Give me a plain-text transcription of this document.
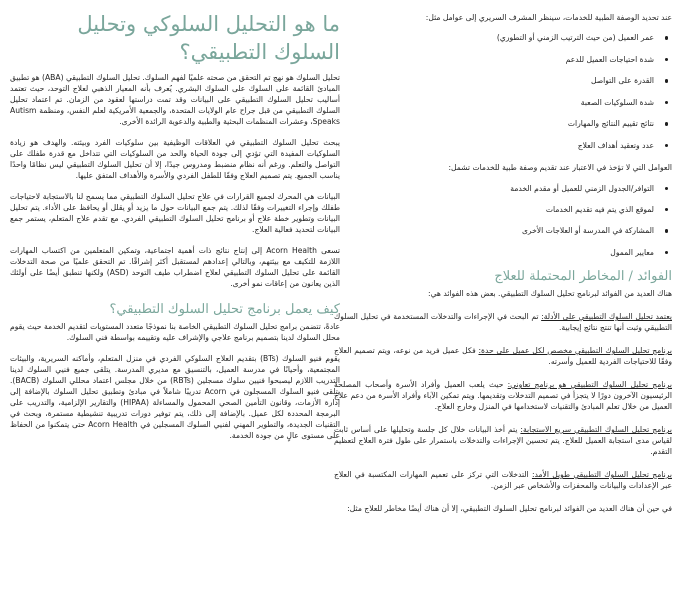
عند تحديد الوصفة الطبية للخدمات، سينظر المشرف السريري إلى عوامل مثل:

عمر العميل (من حيث الترتيب الزمني أو التطوري)
شدة احتياجات العميل للدعم
القدرة على التواصل
شدة السلوكيات الصعبة
نتائج تقييم النتائج والمهارات
عدد وتعقيد أهداف العلاج

العوامل التي لا تؤخذ في الاعتبار عند تقديم وصفة طبية للخدمات تشمل:

التوافر/الجدول الزمني للعميل أو مقدم الخدمة
لموقع الذي يتم فيه تقديم الخدمات
المشاركة في المدرسة أو العلاجات الأخرى
معايير الممول
الفوائد / المخاطر المحتملة للعلاج

هناك العديد من الفوائد لبرنامج تحليل السلوك التطبيقي. بعض هذه الفوائد هي:

يعتمد تحليل السلوك التطبيقي على الأدلة: تم البحث في الإجراءات والتدخلات المستخدمة في تحليل السلوك التطبيقي وثبت أنها تنتج نتائج إيجابية.

برنامج تحليل السلوك التطبيقي مخصص لكل عميل على حدة: فكل عميل فريد من نوعه، ويتم تصميم العلاج وفقًا للاحتياجات الفردية للعميل وأسرته.

برنامج تحليل السلوك التطبيقي هو برنامج تعاوني: حيث يلعب العميل وأفراد الأسرة وأصحاب المصلحة الرئيسيون الآخرون دورًا لا يتجزأ في تصميم التدخلات وتقديمها. ويتم تمكين الآباء وأفراد الأسرة من دعم علاج العميل من خلال تعلم المبادئ والتقنيات لاستخدامها في المنزل وخارج العلاج.

برنامج تحليل السلوك التطبيقي سريع الاستجابة: يتم أخذ البيانات خلال كل جلسة وتحليلها على أساس ثابت لقياس مدى استجابة العميل للعلاج. يتم تحسين الإجراءات والتدخلات باستمرار على طول فترة العلاج لتعظيم التقدم.

برنامج تحليل السلوك التطبيقي طويل الأمد: التدخلات التي تركز على تعميم المهارات المكتسبة في العلاج عبر الإعدادات والبيانات والمحفزات والأشخاص عبر الزمن.

في حين أن هناك العديد من الفوائد لبرنامج تحليل السلوك التطبيقي، إلا أن هناك أيضًا مخاطر للعلاج مثل:

ما هو التحليل السلوكي وتحليل
السلوك التطبيقي؟

تحليل السلوك هو نهج تم التحقق من صحته علميًا لفهم السلوك. تحليل السلوك التطبيقي (ABA) هو تطبيق المبادئ القائمة على السلوك على السلوك البشري. يُعرف بأنه المعيار الذهبي لعلاج التوحد، حيث تعتمد أساليب تحليل السلوك التطبيقي على البيانات وقد تمت دراستها لعقود من الزمان. تم اعتماد تحليل السلوك التطبيقي من قبل جراح عام الولايات المتحدة، والجمعية الأمريكية لعلم النفس، ومنظمة Autism Speaks، وعشرات المنظمات البحثية والطبية والدعوية الرائدة الأخرى.

يبحث تحليل السلوك التطبيقي في العلاقات الوظيفية بين سلوكيات الفرد وبيئته. والهدف هو زيادة السلوكيات المفيدة التي تؤدي إلى جودة الحياة والحد من السلوكيات التي تتداخل مع قدرة طفلك على التواصل والتعلم. ورغم أنه نظام منضبط ومدروس جيدًا، إلا أن تحليل السلوك التطبيقي ليس نظامًا واحدًا يناسب الجميع. يتم تصميم العلاج وفقًا للطفل الفردي والأسرة والأهداف المتفق عليها.

البيانات هي المحرك لجميع القرارات في علاج تحليل السلوك التطبيقي مما يسمح لنا بالاستجابة لاحتياجات طفلك وإجراء التغييرات وفقًا لذلك. يتم جمع البيانات حول ما يزيد أو يقلل أو يحافظ على الأداء. يتم تحليل البيانات وتطوير خطة علاج أو برنامج تحليل السلوك التطبيقي الفردي. مع تقدم علاج المتعلم، يستمر جمع البيانات لتحديد فعالية العلاج.

تسعى Acorn Health إلى إنتاج نتائج ذات أهمية اجتماعية، وتمكين المتعلمين من اكتساب المهارات اللازمة للتكيف مع بيئتهم، وبالتالي إعدادهم لمستقبل أكثر إشراقًا. تم التحقق علميًا من صحة التدخلات القائمة على تحليل السلوك التطبيقي لعلاج اضطراب طيف التوحد (ASD) ولكنها تنطبق أيضًا على أولئك الذين يعانون من إعاقات نمو أخرى.

كيف يعمل برنامج تحليل السلوك التطبيقي؟

عادةً، تتضمن برامج تحليل السلوك التطبيقي الخاصة بنا نموذجًا متعدد المستويات لتقديم الخدمة حيث يقوم محلل السلوك لدينا بتصميم برنامج علاجي والإشراف عليه وتقييمه بواسطة فني السلوك.

يقوم فنيو السلوك (BTs) بتقديم العلاج السلوكي الفردي في منزل المتعلم، وأماكنه السريرية، والبيئات المجتمعية، وأحيانًا في مدرسة العميل، بالتنسيق مع مديري المدرسة. يتلقى جميع فنيي السلوك لدينا التدريب اللازم ليصبحوا فنيين سلوك مسجلين (RBTs) من خلال مجلس اعتماد محللي السلوك (BACB). يتلقى فنيو السلوك المسجلون في Acorn تدريبًا شاملاً في مبادئ وتطبيق تحليل السلوك بالإضافة إلى إدارة الأزمات، وقانون التأمين الصحي المحمول والمساءلة (HIPAA) والتقارير الإلزامية، والتدريب على البرمجة المحددة لكل عميل. بالإضافة إلى ذلك، يتم توفير دورات تدريبية تنشيطية مستمرة، وبحث في التقنيات الجديدة، والتطوير المهني لفنيي السلوك المسجلين في Acorn Health حتى يتمكنوا من الحفاظ على مستوى عالٍ من جودة الخدمة.
